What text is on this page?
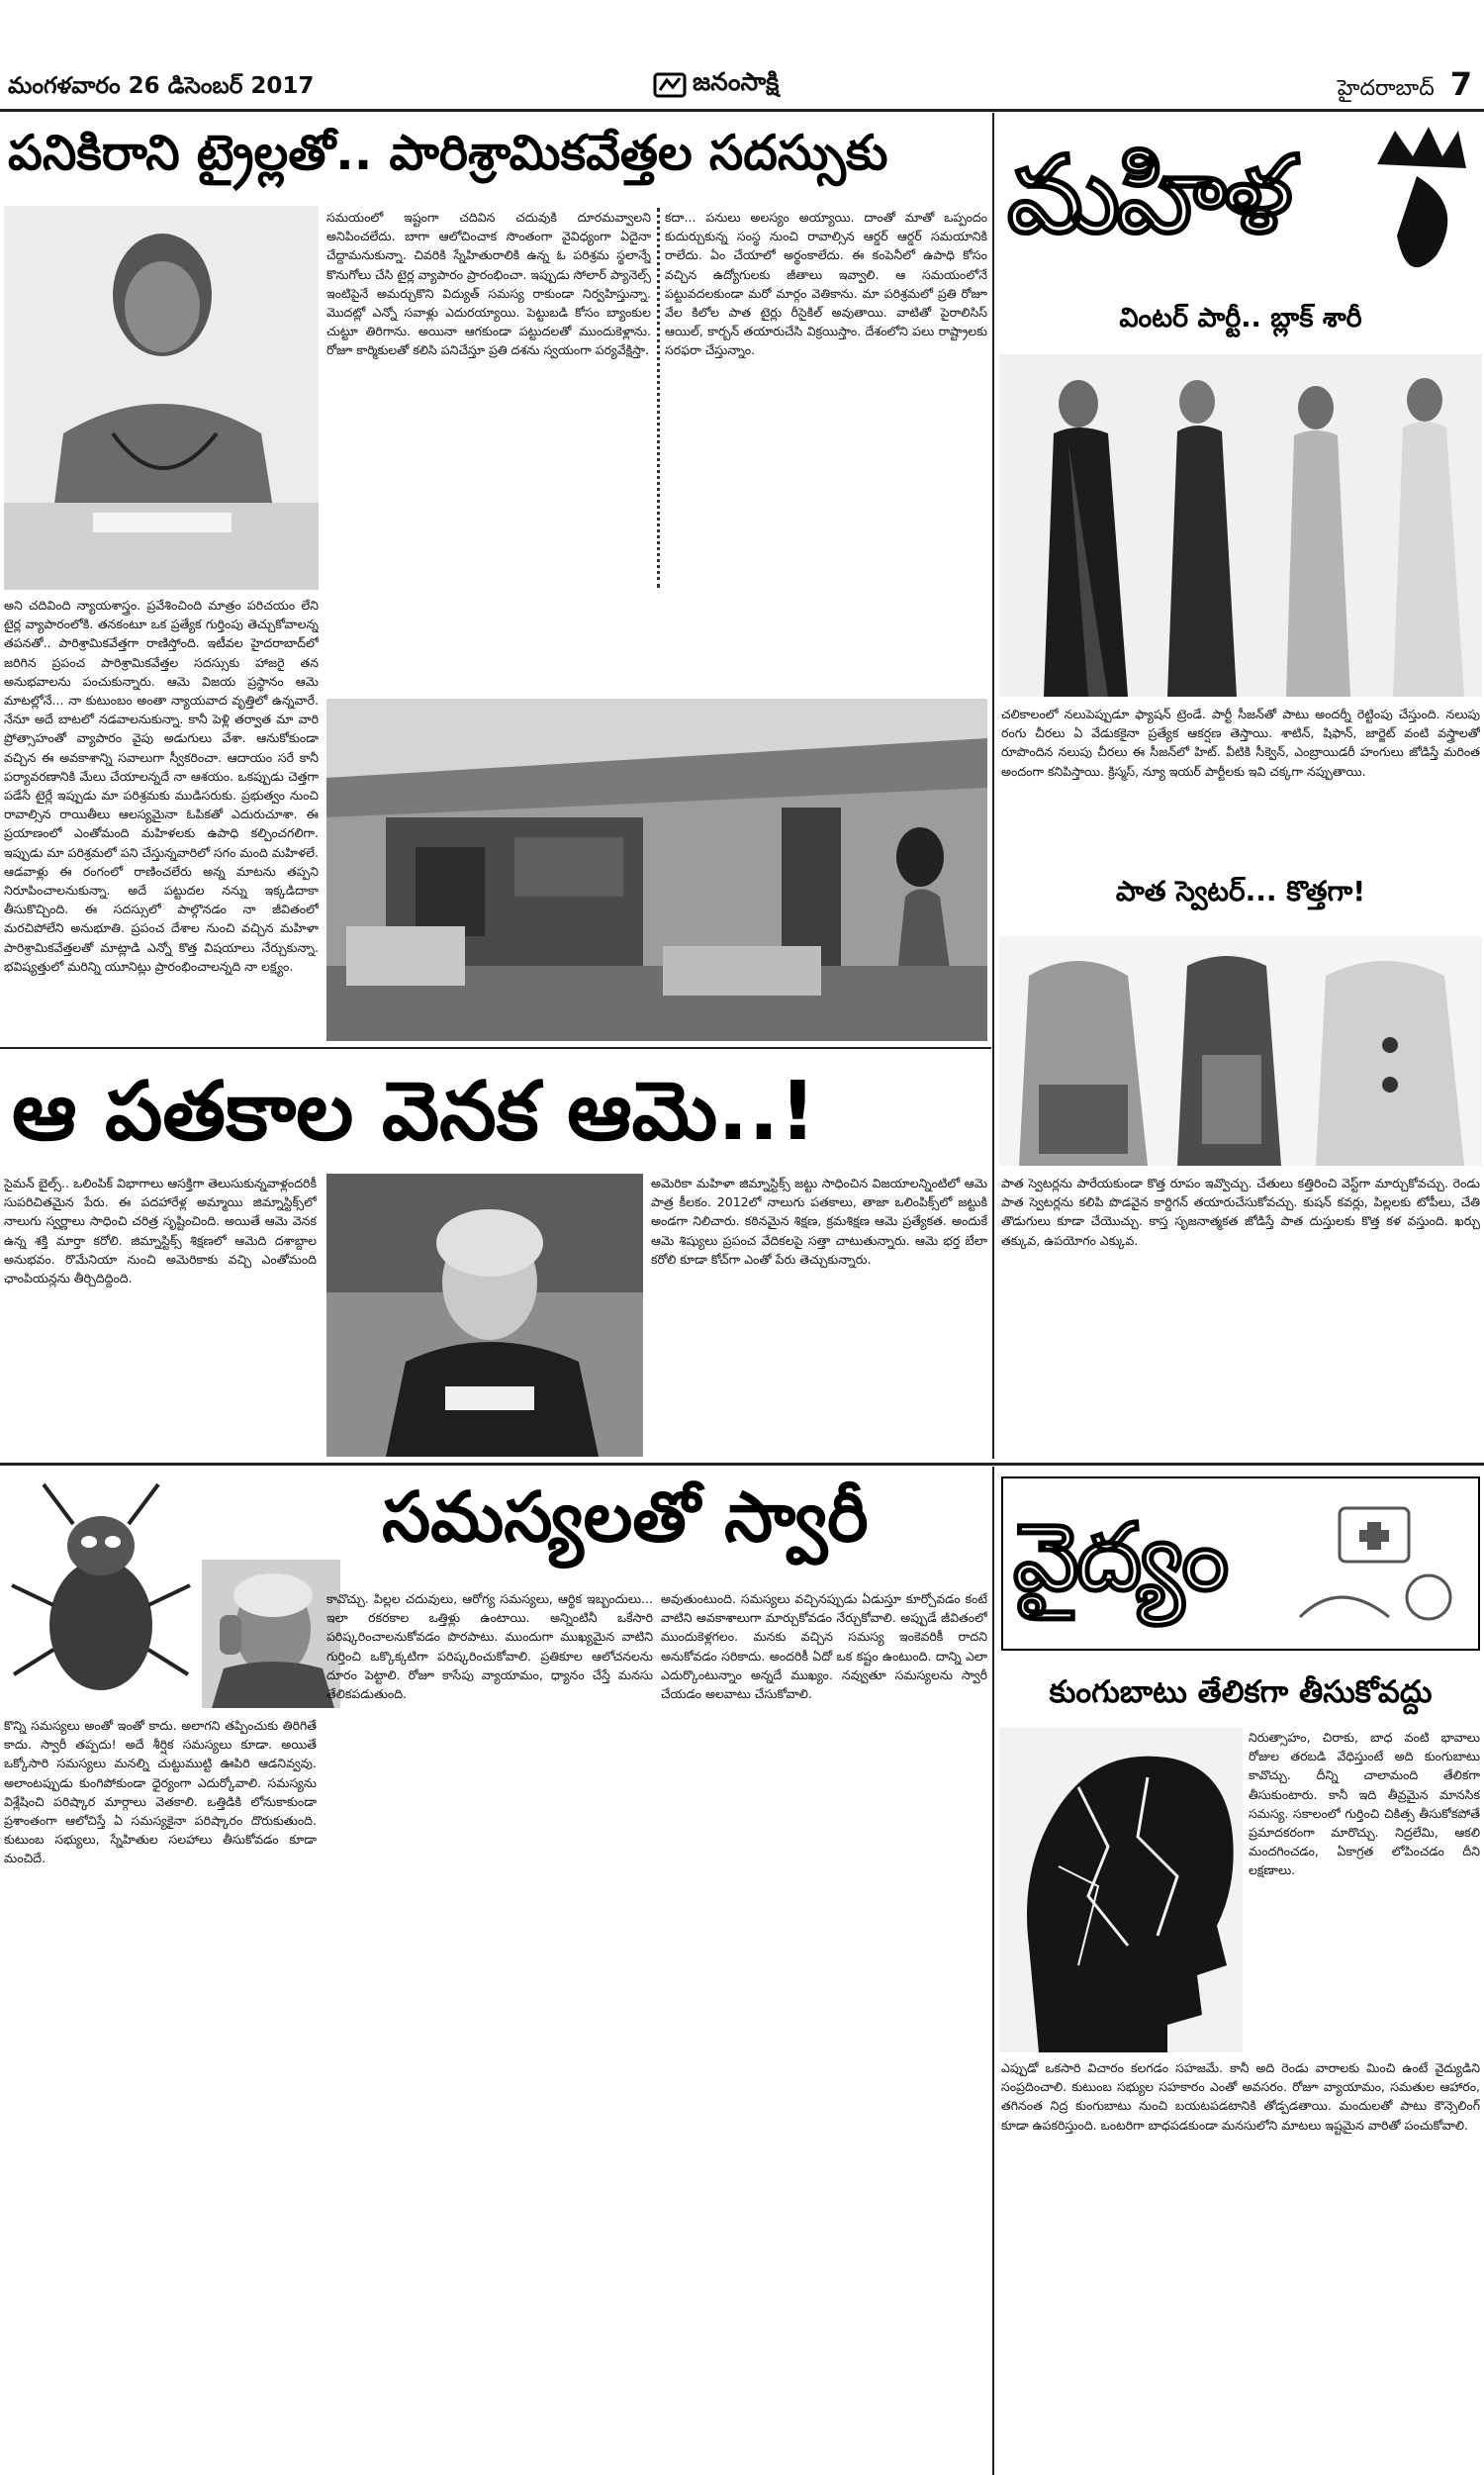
మంగళవారం 26 డిసెంబర్ 2017	జనంసాక్షి	హైదరాబాద్ 7
పనికిరాని ట్రైల్లతో.. పారిశ్రామికవేత్తల సదస్సుకు
సమయంలో ఇష్టంగా చదివిన చదువుకి దూరమవ్వాలని అనిపించలేదు. బాగా ఆలోచించాక సొంతంగా వైవిధ్యంగా ఏదైనా చేద్దామనుకున్నా. చివరికి స్నేహితురాలికి ఉన్న ఓ పరిశ్రమ స్థలాన్నే కొనుగోలు చేసి టైర్ల వ్యాపారం ప్రారంభించా. ఇప్పుడు సోలార్ ప్యానెల్స్ ఇంటిపైనే అమర్చుకొని విద్యుత్ సమస్య రాకుండా నిర్వహిస్తున్నా. మొదట్లో ఎన్నో సవాళ్లు ఎదురయ్యాయి. పెట్టుబడి కోసం బ్యాంకుల చుట్టూ తిరిగాను. అయినా ఆగకుండా పట్టుదలతో ముందుకెళ్లాను. రోజూ కార్మికులతో కలిసి పనిచేస్తూ ప్రతి దశను స్వయంగా పర్యవేక్షిస్తా.
కదా... పనులు అలస్యం అయ్యాయి. దాంతో మాతో ఒప్పందం కుదుర్చుకున్న సంస్థ నుంచి రావాల్సిన ఆర్డర్ ఆర్డర్ సమయానికి రాలేదు. ఏం చేయాలో అర్థంకాలేదు. ఈ కంపెనీలో ఉపాధి కోసం వచ్చిన ఉద్యోగులకు జీతాలు ఇవ్వాలి. ఆ సమయంలోనే పట్టువదలకుండా మరో మార్గం వెతికాను. మా పరిశ్రమలో ప్రతి రోజూ వేల కిలోల పాత టైర్లు రీసైకిల్ అవుతాయి. వాటితో పైరాలిసిస్ ఆయిల్, కార్బన్ తయారుచేసి విక్రయిస్తాం. దేశంలోని పలు రాష్ట్రాలకు సరఫరా చేస్తున్నాం.
అని చదివింది న్యాయశాస్త్రం. ప్రవేశించింది మాత్రం పరిచయం లేని టైర్ల వ్యాపారంలోకి. తనకంటూ ఒక ప్రత్యేక గుర్తింపు తెచ్చుకోవాలన్న తపనతో.. పారిశ్రామికవేత్తగా రాణిస్తోంది. ఇటీవల హైదరాబాద్‌లో జరిగిన ప్రపంచ పారిశ్రామికవేత్తల సదస్సుకు హాజరై తన అనుభవాలను పంచుకున్నారు. ఆమె విజయ ప్రస్థానం ఆమె మాటల్లోనే... నా కుటుంబం అంతా న్యాయవాద వృత్తిలో ఉన్నవారే. నేనూ అదే బాటలో నడవాలనుకున్నా. కానీ పెళ్లి తర్వాత మా వారి ప్రోత్సాహంతో వ్యాపారం వైపు అడుగులు వేశా. ఆనుకోకుండా వచ్చిన ఈ అవకాశాన్ని సవాలుగా స్వీకరించా. ఆదాయం సరే కానీ పర్యావరణానికి మేలు చేయాలన్నదే నా ఆశయం. ఒకప్పుడు చెత్తగా పడేసే టైర్లే ఇప్పుడు మా పరిశ్రమకు ముడిసరుకు. ప్రభుత్వం నుంచి రావాల్సిన రాయితీలు ఆలస్యమైనా ఓపికతో ఎదురుచూశా. ఈ ప్రయాణంలో ఎంతోమంది మహిళలకు ఉపాధి కల్పించగలిగా. ఇప్పుడు మా పరిశ్రమలో పని చేస్తున్నవారిలో సగం మంది మహిళలే. ఆడవాళ్లు ఈ రంగంలో రాణించలేరు అన్న మాటను తప్పని నిరూపించాలనుకున్నా. అదే పట్టుదల నన్ను ఇక్కడిదాకా తీసుకొచ్చింది. ఈ సదస్సులో పాల్గొనడం నా జీవితంలో మరచిపోలేని అనుభూతి. ప్రపంచ దేశాల నుంచి వచ్చిన మహిళా పారిశ్రామికవేత్తలతో మాట్లాడి ఎన్నో కొత్త విషయాలు నేర్చుకున్నా. భవిష్యత్తులో మరిన్ని యూనిట్లు ప్రారంభించాలన్నది నా లక్ష్యం.
ఆ పతకాల వెనక ఆమె..!
సైమన్ బైల్స్.. ఒలింపిక్ విభాగాలు ఆసక్తిగా తెలుసుకున్నవాళ్లందరికీ సుపరిచితమైన పేరు. ఈ పదహారేళ్ల అమ్మాయి జిమ్నాస్టిక్స్‌లో నాలుగు స్వర్ణాలు సాధించి చరిత్ర సృష్టించింది. అయితే ఆమె వెనక ఉన్న శక్తి మార్తా కరోలి. జిమ్నాస్టిక్స్ శిక్షణలో ఆమెది దశాబ్దాల అనుభవం. రొమేనియా నుంచి అమెరికాకు వచ్చి ఎంతోమంది ఛాంపియన్లను తీర్చిదిద్దింది.
అమెరికా మహిళా జిమ్నాస్టిక్స్ జట్టు సాధించిన విజయాలన్నింటిలో ఆమె పాత్ర కీలకం. 2012లో నాలుగు పతకాలు, తాజా ఒలింపిక్స్‌లో జట్టుకి అండగా నిలిచారు. కఠినమైన శిక్షణ, క్రమశిక్షణ ఆమె ప్రత్యేకత. అందుకే ఆమె శిష్యులు ప్రపంచ వేదికలపై సత్తా చాటుతున్నారు. ఆమె భర్త బేలా కరోలి కూడా కోచ్‌గా ఎంతో పేరు తెచ్చుకున్నారు.
సమస్యలతో స్వారీ
కొన్ని సమస్యలు అంతో ఇంతో కాదు. అలాగని తప్పించుకు తిరిగితే కాదు. స్వారీ తప్పదు! అదే శీర్షిక సమస్యలు కూడా. అయితే ఒక్కోసారి సమస్యలు మనల్ని చుట్టుముట్టి ఊపిరి ఆడనివ్వవు. అలాంటప్పుడు కుంగిపోకుండా ధైర్యంగా ఎదుర్కోవాలి. సమస్యను విశ్లేషించి పరిష్కార మార్గాలు వెతకాలి. ఒత్తిడికి లోనుకాకుండా ప్రశాంతంగా ఆలోచిస్తే ఏ సమస్యకైనా పరిష్కారం దొరుకుతుంది. కుటుంబ సభ్యులు, స్నేహితుల సలహాలు తీసుకోవడం కూడా మంచిదే.
కావొచ్చు. పిల్లల చదువులు, ఆరోగ్య సమస్యలు, ఆర్థిక ఇబ్బందులు... ఇలా రకరకాల ఒత్తిళ్లు ఉంటాయి. అన్నింటినీ ఒకేసారి పరిష్కరించాలనుకోవడం పొరపాటు. ముందుగా ముఖ్యమైన వాటిని గుర్తించి ఒక్కొక్కటిగా పరిష్కరించుకోవాలి. ప్రతికూల ఆలోచనలను దూరం పెట్టాలి. రోజూ కాసేపు వ్యాయామం, ధ్యానం చేస్తే మనసు తేలికపడుతుంది.
అవుతుంటుంది. సమస్యలు వచ్చినప్పుడు ఏడుస్తూ కూర్చోవడం కంటే వాటిని అవకాశాలుగా మార్చుకోవడం నేర్చుకోవాలి. అప్పుడే జీవితంలో ముందుకెళ్లగలం. మనకు వచ్చిన సమస్య ఇంకెవరికీ రాదని అనుకోవడం సరికాదు. అందరికీ ఏదో ఒక కష్టం ఉంటుంది. దాన్ని ఎలా ఎదుర్కొంటున్నాం అన్నదే ముఖ్యం. నవ్వుతూ సమస్యలను స్వారీ చేయడం అలవాటు చేసుకోవాలి.
మహిళ
వింటర్ పార్టీ.. బ్లాక్ శారీ
చలికాలంలో నలుపెప్పుడూ ఫ్యాషన్ ట్రెండే. పార్టీ సీజన్‌తో పాటు అందర్నీ రెట్టింపు చేస్తుంది. నలుపు రంగు చీరలు ఏ వేడుకకైనా ప్రత్యేక ఆకర్షణ తెస్తాయి. శాటిన్, షిఫాన్, జార్జెట్ వంటి వస్త్రాలతో రూపొందిన నలుపు చీరలు ఈ సీజన్‌లో హిట్. వీటికి సీక్వెన్, ఎంబ్రాయిడరీ హంగులు జోడిస్తే మరింత అందంగా కనిపిస్తాయి. క్రిస్మస్, న్యూ ఇయర్ పార్టీలకు ఇవి చక్కగా నప్పుతాయి.
పాత స్వెటర్... కొత్తగా!
పాత స్వెటర్లను పారేయకుండా కొత్త రూపం ఇవ్వొచ్చు. చేతులు కత్తిరించి వెస్ట్‌గా మార్చుకోవచ్చు. రెండు పాత స్వెటర్లను కలిపి పొడవైన కార్డిగన్ తయారుచేసుకోవచ్చు. కుషన్ కవర్లు, పిల్లలకు టోపీలు, చేతి తొడుగులు కూడా చేయొచ్చు. కాస్త సృజనాత్మకత జోడిస్తే పాత దుస్తులకు కొత్త కళ వస్తుంది. ఖర్చు తక్కువ, ఉపయోగం ఎక్కువ.
వైద్యం
కుంగుబాటు తేలికగా తీసుకోవద్దు
నిరుత్సాహం, చిరాకు, బాధ వంటి భావాలు రోజుల తరబడి వేధిస్తుంటే అది కుంగుబాటు కావొచ్చు. దీన్ని చాలామంది తేలికగా తీసుకుంటారు. కానీ ఇది తీవ్రమైన మానసిక సమస్య. సకాలంలో గుర్తించి చికిత్స తీసుకోకపోతే ప్రమాదకరంగా మారొచ్చు. నిద్రలేమి, ఆకలి మందగించడం, ఏకాగ్రత లోపించడం దీని లక్షణాలు.
ఎప్పుడో ఒకసారి విచారం కలగడం సహజమే. కానీ అది రెండు వారాలకు మించి ఉంటే వైద్యుడిని సంప్రదించాలి. కుటుంబ సభ్యుల సహకారం ఎంతో అవసరం. రోజూ వ్యాయామం, సమతుల ఆహారం, తగినంత నిద్ర కుంగుబాటు నుంచి బయటపడటానికి తోడ్పడతాయి. మందులతో పాటు కౌన్సెలింగ్ కూడా ఉపకరిస్తుంది. ఒంటరిగా బాధపడకుండా మనసులోని మాటలు ఇష్టమైన వారితో పంచుకోవాలి.
